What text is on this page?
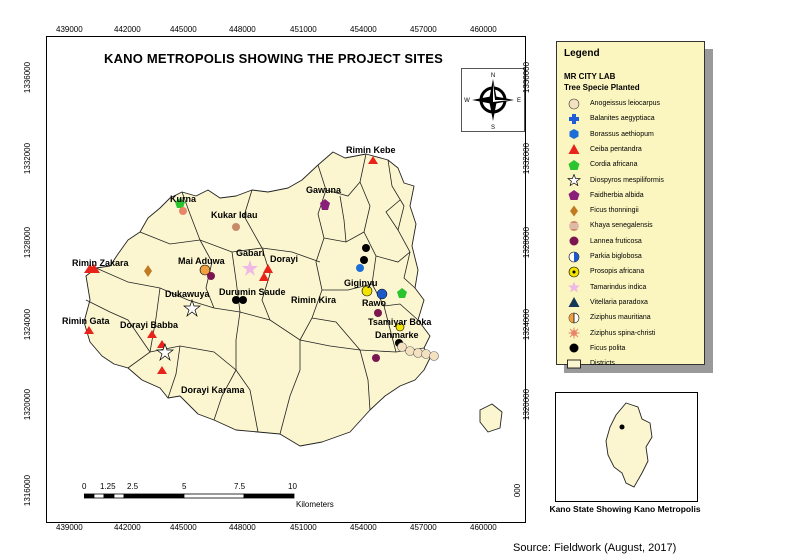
439000	442000	445000	448000	451000	454000	457000	460000
439000	442000	445000	448000	451000	454000	457000	460000
1336000
1332000
1328000
1324000
1320000
1316000
KANO METROPOLIS SHOWING THE PROJECT SITES
Rimin Kebe
Gawuna
Kurna
Kukar Idau
Gabari
Dorayi
Rimin Zakara	Mai Aduwa
Dukawuya Durumin Saude
Rimin Kira
Giginyu
Rawo
Rimin Gata Dorayi Babba	Tsamiyar Boka
Danmarke
Dorayi Karama
N
S
E
W
0 1.25 2.5	5	7.5	10
Kilometers
Legend
MR CITY LAB
Tree Specie Planted
Anogeissus leiocarpus
Balanites aegyptiaca
Borassus aethiopum
Ceiba pentandra
Cordia africana
Diospyros mespiliformis
Faidherbia albida
Ficus thonningii
Khaya senegalensis
Lannea fruticosa
Parkia biglobosa
Prosopis africana
Tamarindus indica
Vitellaria paradoxa
Ziziphus mauritiana
Ziziphus spina-christi
Ficus polita
Districts
1336000
1332000
1328000
1324000
1320000
000
Kano State Showing Kano Metropolis
Source: Fieldwork (August, 2017)
